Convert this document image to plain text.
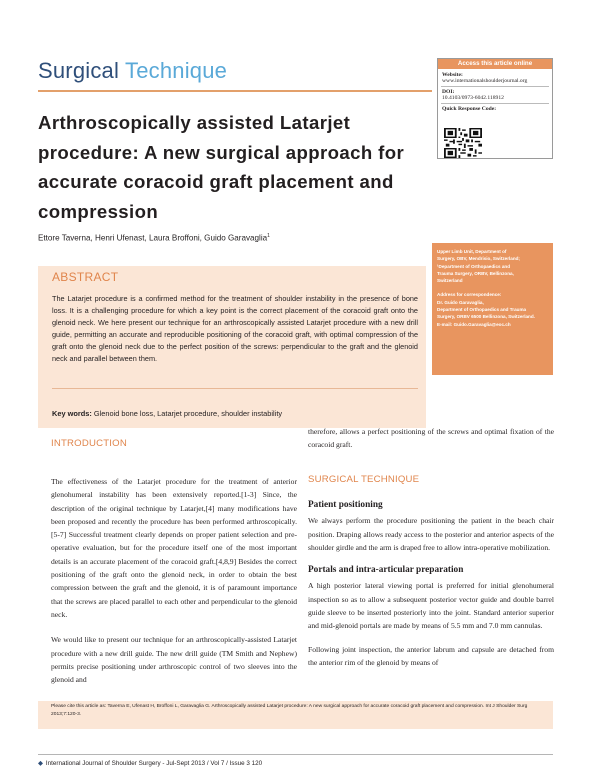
Surgical Technique	Access this article online
Website:
www.internationalshoulderjournal.org
DOI:
10.4103/0973-6042.118912
Quick Response Code:
Arthroscopically assisted Latarjet procedure: A new surgical approach for accurate coracoid graft placement and compression
Ettore Taverna, Henri Ufenast, Laura Broffoni, Guido Garavaglia$^1$
ABSTRACT
The Latarjet procedure is a confirmed method for the treatment of shoulder instability in the presence of bone loss. It is a challenging procedure for which a key point is the correct placement of the coracoid graft onto the glenoid neck. We here present our technique for an arthroscopically assisted Latarjet procedure with a new drill guide, permitting an accurate and reproducible positioning of the coracoid graft, with optimal compression of the graft onto the glenoid neck due to the perfect position of the screws: perpendicular to the graft and the glenoid neck and parallel between them.
Key words: Glenoid bone loss, Latarjet procedure, shoulder instability

Upper Limb Unit, Department of
Surgery, OBV, Mendrisio, Switzerland;
¹Department of Orthopaedics and
Trauma Surgery, ORBV, Bellinzona,
Switzerland

Address for correspondence:
Dr. Guido Garavaglia,
Department of Orthopaedics and Trauma
Surgery, ORBV 6500 Bellinzona, Switzerland.
E-mail: Guido.Garavaglia@eoc.ch

INTRODUCTION

The effectiveness of the Latarjet procedure for the treatment of anterior glenohumeral instability has been extensively reported.[1-3] Since, the description of the original technique by Latarjet,[4] many modifications have been proposed and recently the procedure has been performed arthroscopically.[5-7] Successful treatment clearly depends on proper patient selection and pre-operative evaluation, but for the procedure itself one of the most important details is an accurate placement of the coracoid graft.[4,8,9] Besides the correct positioning of the graft onto the glenoid neck, in order to obtain the best compression between the graft and the glenoid, it is of paramount importance that the screws are placed parallel to each other and perpendicular to the glenoid neck.

We would like to present our technique for an arthroscopically-assisted Latarjet procedure with a new drill guide. The new drill guide (TM Smith and Nephew) permits precise positioning under arthroscopic control of two sleeves into the glenoid and

therefore, allows a perfect positioning of the screws and optimal fixation of the coracoid graft.
SURGICAL TECHNIQUE
Patient positioning

We always perform the procedure positioning the patient in the beach chair position. Draping allows ready access to the posterior and anterior aspects of the shoulder girdle and the arm is draped free to allow intra-operative mobilization.

Portals and intra-articular preparation

A high posterior lateral viewing portal is preferred for initial glenohumeral inspection so as to allow a subsequent posterior vector guide and double barrel guide sleeve to be inserted posteriorly into the joint. Standard anterior superior and mid-glenoid portals are made by means of 5.5 mm and 7.0 mm cannulas.

Following joint inspection, the anterior labrum and capsule are detached from the anterior rim of the glenoid by means of

Please cite this article as: Taverna E, Ufenast H, Broffoni L, Garavaglia G. Arthroscopically assisted Latarjet procedure: A new surgical approach for accurate coracoid graft placement and compression. Int J Shoulder Surg 2013;7:120-3.
◆ International Journal of Shoulder Surgery - Jul-Sept 2013 / Vol 7 / Issue 3 120
